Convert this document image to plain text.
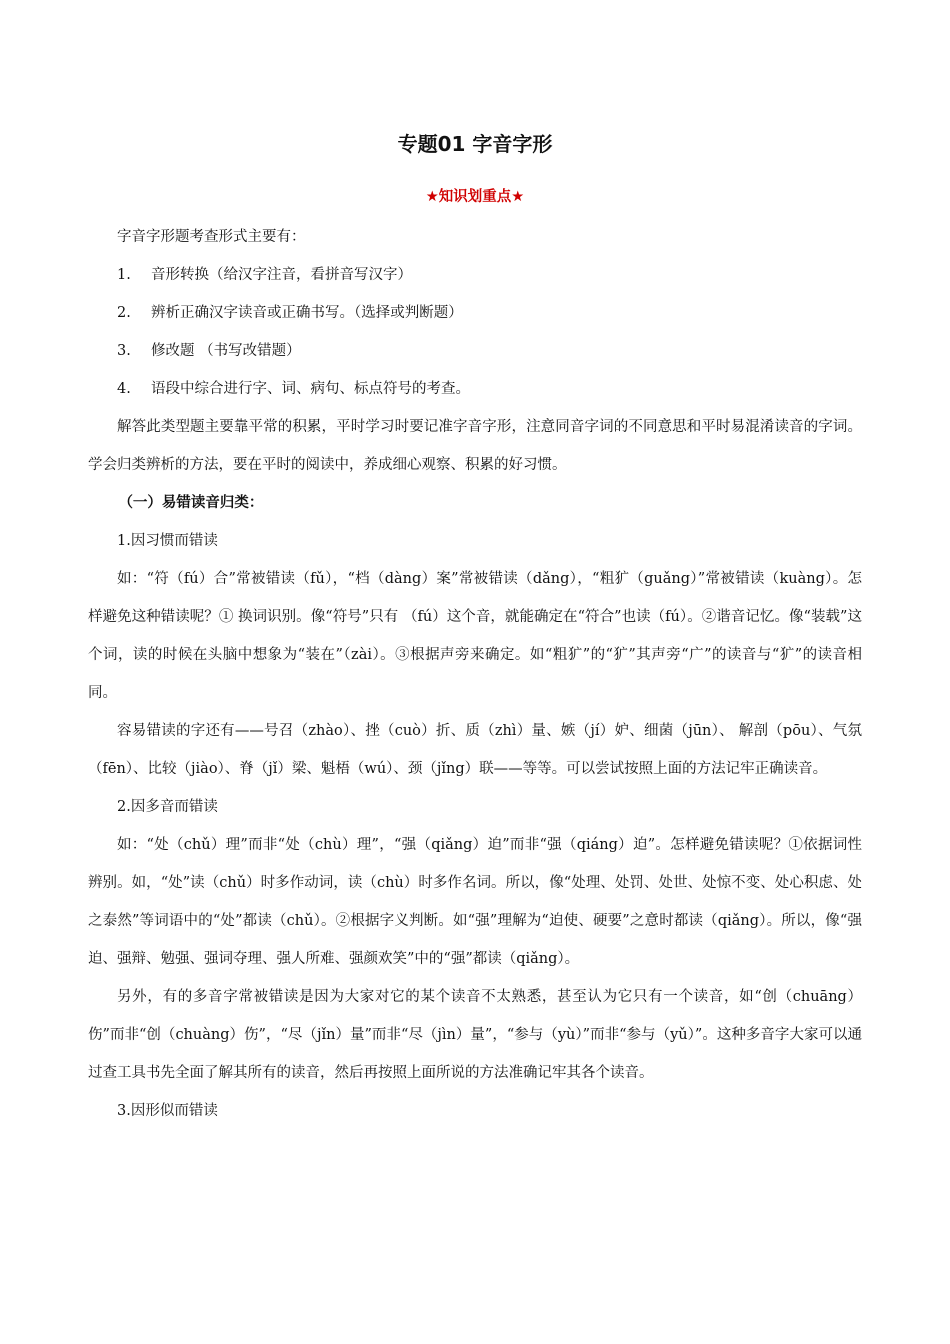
专题01 字音字形
★知识划重点★

字音字形题考查形式主要有：

1. 音形转换（给汉字注音，看拼音写汉字）

2. 辨析正确汉字读音或正确书写。（选择或判断题）

3. 修改题 （书写改错题）

4. 语段中综合进行字、词、病句、标点符号的考查。

解答此类型题主要靠平常的积累，平时学习时要记准字音字形，注意同音字词的不同意思和平时易混淆读音的字词。学会归类辨析的方法，要在平时的阅读中，养成细心观察、积累的好习惯。

（一）易错读音归类：

1.因习惯而错读

如：“符（fú）合”常被错读（fǔ），“档（dàng）案”常被错读（dǎng），“粗犷（guǎng）”常被错读（kuàng）。怎样避免这种错读呢？① 换词识别。像“符号”只有 （fú）这个音，就能确定在“符合”也读（fú）。②谐音记忆。像“装载”这个词，读的时候在头脑中想象为“装在”（zài）。③根据声旁来确定。如“粗犷”的“犷”其声旁“广”的读音与“犷”的读音相同。

容易错读的字还有——号召（zhào）、挫（cuò）折、质（zhì）量、嫉（jí）妒、细菌（jūn）、 解剖（pōu）、气氛（fēn）、比较（jiào）、脊（jǐ）梁、魁梧（wú）、颈（jǐng）联——等等。可以尝试按照上面的方法记牢正确读音。

2.因多音而错读

如：“处（chǔ）理”而非“处（chù）理”，“强（qiǎng）迫”而非“强（qiáng）迫”。怎样避免错读呢？①依据词性辨别。如，“处”读（chǔ）时多作动词，读（chù）时多作名词。所以，像“处理、处罚、处世、处惊不变、处心积虑、处之泰然”等词语中的“处”都读（chǔ）。②根据字义判断。如“强”理解为“迫使、硬要”之意时都读（qiǎng）。所以，像“强迫、强辩、勉强、强词夺理、强人所难、强颜欢笑”中的“强”都读（qiǎng）。

另外，有的多音字常被错读是因为大家对它的某个读音不太熟悉，甚至认为它只有一个读音，如“创（chuāng）伤”而非“创（chuàng）伤”，“尽（jǐn）量”而非“尽（jìn）量”，“参与（yù）”而非“参与（yǔ）”。这种多音字大家可以通过查工具书先全面了解其所有的读音，然后再按照上面所说的方法准确记牢其各个读音。

3.因形似而错读
